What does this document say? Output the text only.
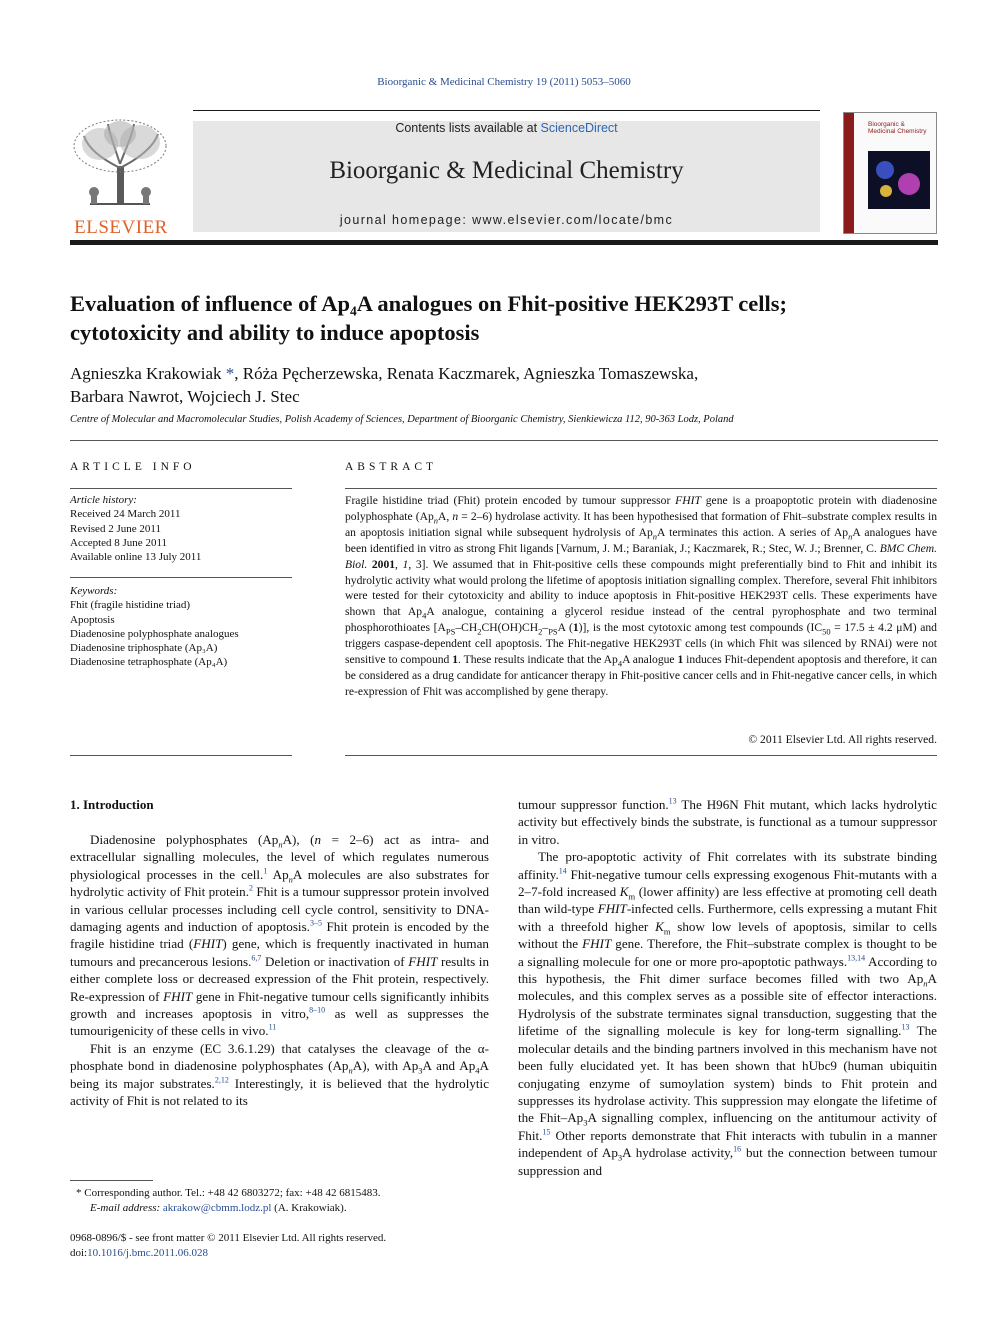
Bioorganic & Medicinal Chemistry 19 (2011) 5053–5060
ELSEVIER
Contents lists available at ScienceDirect
Bioorganic & Medicinal Chemistry
journal homepage: www.elsevier.com/locate/bmc
Bioorganic & Medicinal Chemistry
Evaluation of influence of Ap₄A analogues on Fhit-positive HEK293T cells;
cytotoxicity and ability to induce apoptosis
Agnieszka Krakowiak *, Róża Pęcherzewska, Renata Kaczmarek, Agnieszka Tomaszewska,
Barbara Nawrot, Wojciech J. Stec
Centre of Molecular and Macromolecular Studies, Polish Academy of Sciences, Department of Bioorganic Chemistry, Sienkiewicza 112, 90-363 Lodz, Poland
ARTICLE INFO
Article history:
Received 24 March 2011
Revised 2 June 2011
Accepted 8 June 2011
Available online 13 July 2011
Keywords:
Fhit (fragile histidine triad)
Apoptosis
Diadenosine polyphosphate analogues
Diadenosine triphosphate (Ap₃A)
Diadenosine tetraphosphate (Ap₄A)
ABSTRACT
Fragile histidine triad (Fhit) protein encoded by tumour suppressor FHIT gene is a proapoptotic protein with diadenosine polyphosphate ($Ap_nA$, n = 2–6) hydrolase activity. It has been hypothesised that formation of Fhit–substrate complex results in an apoptosis initiation signal while subsequent hydrolysis of $Ap_nA$ terminates this action. A series of $Ap_nA$ analogues have been identified in vitro as strong Fhit ligands [Varnum, J. M.; Baraniak, J.; Kaczmarek, R.; Stec, W. J.; Brenner, C. BMC Chem. Biol. 2001, 1, 3]. We assumed that in Fhit-positive cells these compounds might preferentially bind to Fhit and inhibit its hydrolytic activity what would prolong the lifetime of apoptosis initiation signalling complex. Therefore, several Fhit inhibitors were tested for their cytotoxicity and ability to induce apoptosis in Fhit-positive HEK293T cells. These experiments have shown that $Ap_4A$ analogue, containing a glycerol residue instead of the central pyrophosphate and two terminal phosphorothioates [$A_{PS}-CH_2CH(OH)CH_2-_{PS}A$ (1)], is the most cytotoxic among test compounds ($IC_{50} = 17.5 \pm 4.2$ μM) and triggers caspase-dependent cell apoptosis. The Fhit-negative HEK293T cells (in which Fhit was silenced by RNAi) were not sensitive to compound 1. These results indicate that the $Ap_4A$ analogue 1 induces Fhit-dependent apoptosis and therefore, it can be considered as a drug candidate for anticancer therapy in Fhit-positive cancer cells and in Fhit-negative cancer cells, in which re-expression of Fhit was accomplished by gene therapy.
© 2011 Elsevier Ltd. All rights reserved.
1. Introduction

Diadenosine polyphosphates $(Ap_nA)$, (n = 2–6) act as intra- and extracellular signalling molecules, the level of which regulates numerous physiological processes in the cell.$^1$ $Ap_nA$ molecules are also substrates for hydrolytic activity of Fhit protein.$^2$ Fhit is a tumour suppressor protein involved in various cellular processes including cell cycle control, sensitivity to DNA-damaging agents and induction of apoptosis.$^{3-5}$ Fhit protein is encoded by the fragile histidine triad (FHIT) gene, which is frequently inactivated in human tumours and precancerous lesions.$^{6,7}$ Deletion or inactivation of FHIT results in either complete loss or decreased expression of the Fhit protein, respectively. Re-expression of FHIT gene in Fhit-negative tumour cells significantly inhibits growth and increases apoptosis in vitro,$^{8-10}$ as well as suppresses the tumourigenicity of these cells in vivo.$^{11}$

Fhit is an enzyme (EC 3.6.1.29) that catalyses the cleavage of the α-phosphate bond in diadenosine polyphosphates $(Ap_nA)$, with $Ap_3A$ and $Ap_4A$ being its major substrates.$^{2,12}$ Interestingly, it is believed that the hydrolytic activity of Fhit is not related to its

tumour suppressor function.$^{13}$ The H96N Fhit mutant, which lacks hydrolytic activity but effectively binds the substrate, is functional as a tumour suppressor in vitro.

The pro-apoptotic activity of Fhit correlates with its substrate binding affinity.$^{14}$ Fhit-negative tumour cells expressing exogenous Fhit-mutants with a 2–7-fold increased $K_m$ (lower affinity) are less effective at promoting cell death than wild-type FHIT-infected cells. Furthermore, cells expressing a mutant Fhit with a threefold higher $K_m$ show low levels of apoptosis, similar to cells without the FHIT gene. Therefore, the Fhit–substrate complex is thought to be a signalling molecule for one or more pro-apoptotic pathways.$^{13,14}$ According to this hypothesis, the Fhit dimer surface becomes filled with two $Ap_nA$ molecules, and this complex serves as a possible site of effector interactions. Hydrolysis of the substrate terminates signal transduction, suggesting that the lifetime of the signalling molecule is key for long-term signalling.$^{13}$ The molecular details and the binding partners involved in this mechanism have not been fully elucidated yet. It has been shown that hUbc9 (human ubiquitin conjugating enzyme of sumoylation system) binds to Fhit protein and suppresses its hydrolase activity. This suppression may elongate the lifetime of the Fhit–$Ap_3A$ signalling complex, influencing on the antitumour activity of Fhit.$^{15}$ Other reports demonstrate that Fhit interacts with tubulin in a manner independent of $Ap_3A$ hydrolase activity,$^{16}$ but the connection between tumour suppression and

* Corresponding author. Tel.: +48 42 6803272; fax: +48 42 6815483.
E-mail address: akrakow@cbmm.lodz.pl (A. Krakowiak).
0968-0896/$ - see front matter © 2011 Elsevier Ltd. All rights reserved.
doi:10.1016/j.bmc.2011.06.028
